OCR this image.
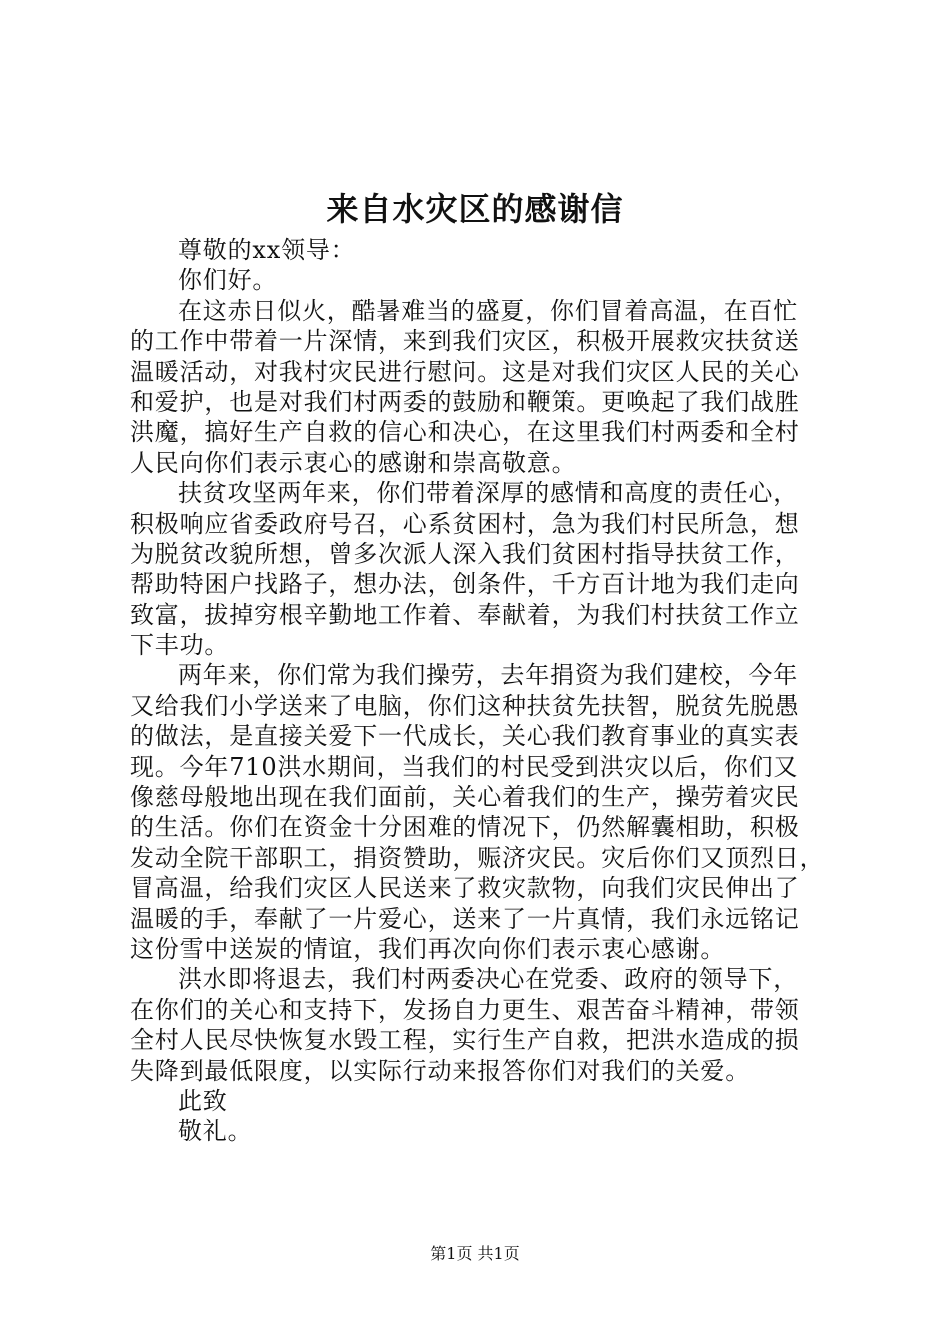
来自水灾区的感谢信
尊敬的xx领导：
你们好。
在这赤日似火，酷暑难当的盛夏，你们冒着高温，在百忙
的工作中带着一片深情，来到我们灾区，积极开展救灾扶贫送
温暖活动，对我村灾民进行慰问。这是对我们灾区人民的关心
和爱护，也是对我们村两委的鼓励和鞭策。更唤起了我们战胜
洪魔，搞好生产自救的信心和决心，在这里我们村两委和全村
人民向你们表示衷心的感谢和崇高敬意。
扶贫攻坚两年来，你们带着深厚的感情和高度的责任心，
积极响应省委政府号召，心系贫困村，急为我们村民所急，想
为脱贫改貌所想，曾多次派人深入我们贫困村指导扶贫工作，
帮助特困户找路子，想办法，创条件，千方百计地为我们走向
致富，拔掉穷根辛勤地工作着、奉献着，为我们村扶贫工作立
下丰功。
两年来，你们常为我们操劳，去年捐资为我们建校，今年
又给我们小学送来了电脑，你们这种扶贫先扶智，脱贫先脱愚
的做法，是直接关爱下一代成长，关心我们教育事业的真实表
现。今年710洪水期间，当我们的村民受到洪灾以后，你们又
像慈母般地出现在我们面前，关心着我们的生产，操劳着灾民
的生活。你们在资金十分困难的情况下，仍然解囊相助，积极
发动全院干部职工，捐资赞助，赈济灾民。灾后你们又顶烈日，
冒高温，给我们灾区人民送来了救灾款物，向我们灾民伸出了
温暖的手，奉献了一片爱心，送来了一片真情，我们永远铭记
这份雪中送炭的情谊，我们再次向你们表示衷心感谢。
洪水即将退去，我们村两委决心在党委、政府的领导下，
在你们的关心和支持下，发扬自力更生、艰苦奋斗精神，带领
全村人民尽快恢复水毁工程，实行生产自救，把洪水造成的损
失降到最低限度，以实际行动来报答你们对我们的关爱。
此致
敬礼。
第1页 共1页
